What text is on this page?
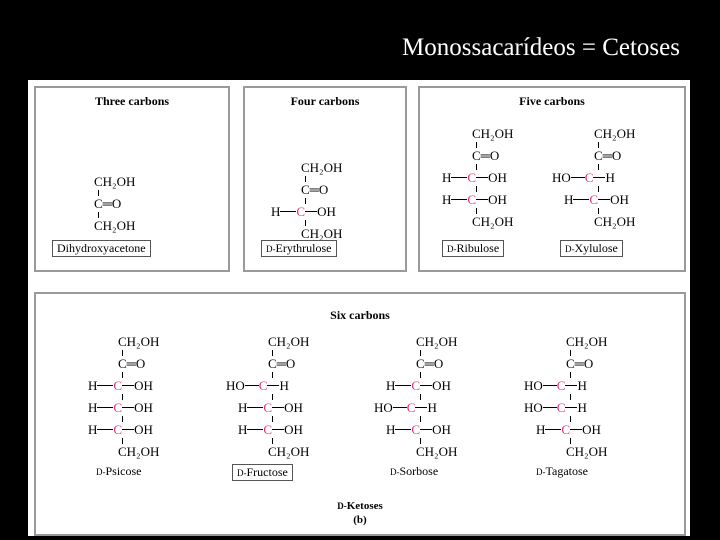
Monossacarídeos = Cetoses
Three carbons
CH₂OH
C═O
CH₂OH
Dihydroxyacetone
Four carbons
CH₂OH
C═O
H C OH
CH₂OH
D-Erythrulose
Five carbons
CH₂OH
C═O
H C OH
H C OH
CH₂OH
D-Ribulose
CH₂OH
C═O
HO C H
H C OH
CH₂OH
D-Xylulose
Six carbons
CH₂OH
C═O
H C OH
H C OH
H C OH
CH₂OH
D-Psicose
CH₂OH
C═O
HO C H
H C OH
H C OH
CH₂OH
D-Fructose
CH₂OH
C═O
H C OH
HO C H
H C OH
CH₂OH
D-Sorbose
CH₂OH
C═O
HO C H
HO C H
H C OH
CH₂OH
D-Tagatose
D-Ketoses
(b)
